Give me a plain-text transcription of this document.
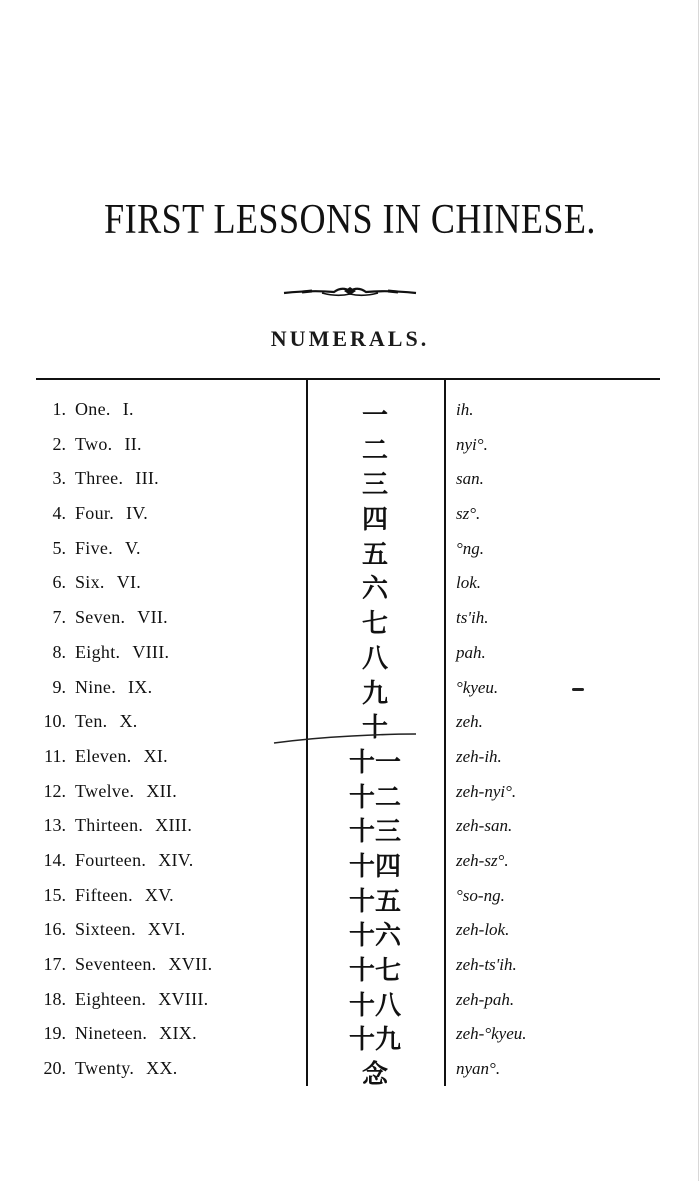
FIRST LESSONS IN CHINESE.
NUMERALS.
1. One. I.	一	ih.
2. Two. II.	二	nyi°.
3. Three. III.	三	san.
4. Four. IV.	四	sz°.
5. Five. V.	五	°ng.
6. Six. VI.	六	lok.
7. Seven. VII.	七	ts'ih.
8. Eight. VIII.	八	pah.
9. Nine. IX.	九	°kyeu.
10. Ten. X.	十	zeh.
11. Eleven. XI.	十一	zeh-ih.
12. Twelve. XII.	十二	zeh-nyi°.
13. Thirteen. XIII.	十三	zeh-san.
14. Fourteen. XIV.	十四	zeh-sz°.
15. Fifteen. XV.	十五	°so-ng.
16. Sixteen. XVI.	十六	zeh-lok.
17. Seventeen. XVII.	十七	zeh-ts'ih.
18. Eighteen. XVIII.	十八	zeh-pah.
19. Nineteen. XIX.	十九	zeh-°kyeu.
20. Twenty. XX.	念	nyan°.
